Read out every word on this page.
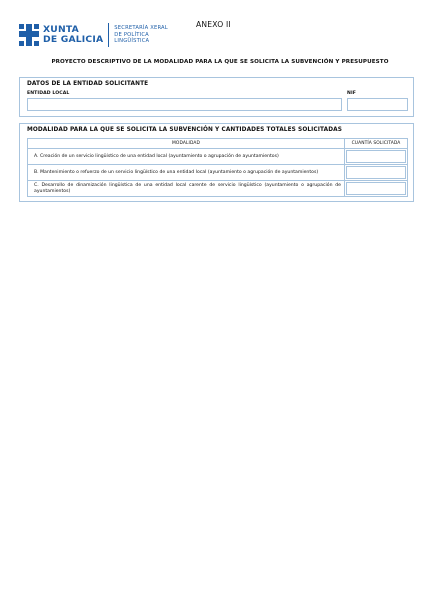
XUNTA
DE GALICIA
SECRETARÍA XERAL
DE POLÍTICA
LINGÜÍSTICA
ANEXO II
PROYECTO DESCRIPTIVO DE LA MODALIDAD PARA LA QUE SE SOLICITA LA SUBVENCIÓN Y PRESUPUESTO
DATOS DE LA ENTIDAD SOLICITANTE
ENTIDAD LOCAL	NIF
MODALIDAD PARA LA QUE SE SOLICITA LA SUBVENCIÓN Y CANTIDADES TOTALES SOLICITADAS
MODALIDAD	CUANTÍA SOLICITADA
A. Creación de un servicio lingüístico de una entidad local (ayuntamiento o agrupación de ayuntamientos)	

B. Mantenimiento o refuerzo de un servicio lingüístico de una entidad local (ayuntamiento o agrupación de ayuntamientos)	

C. Desarrollo de dinamización lingüística de una entidad local carente de servicio lingüístico (ayuntamiento o agrupación de ayuntamientos)	
